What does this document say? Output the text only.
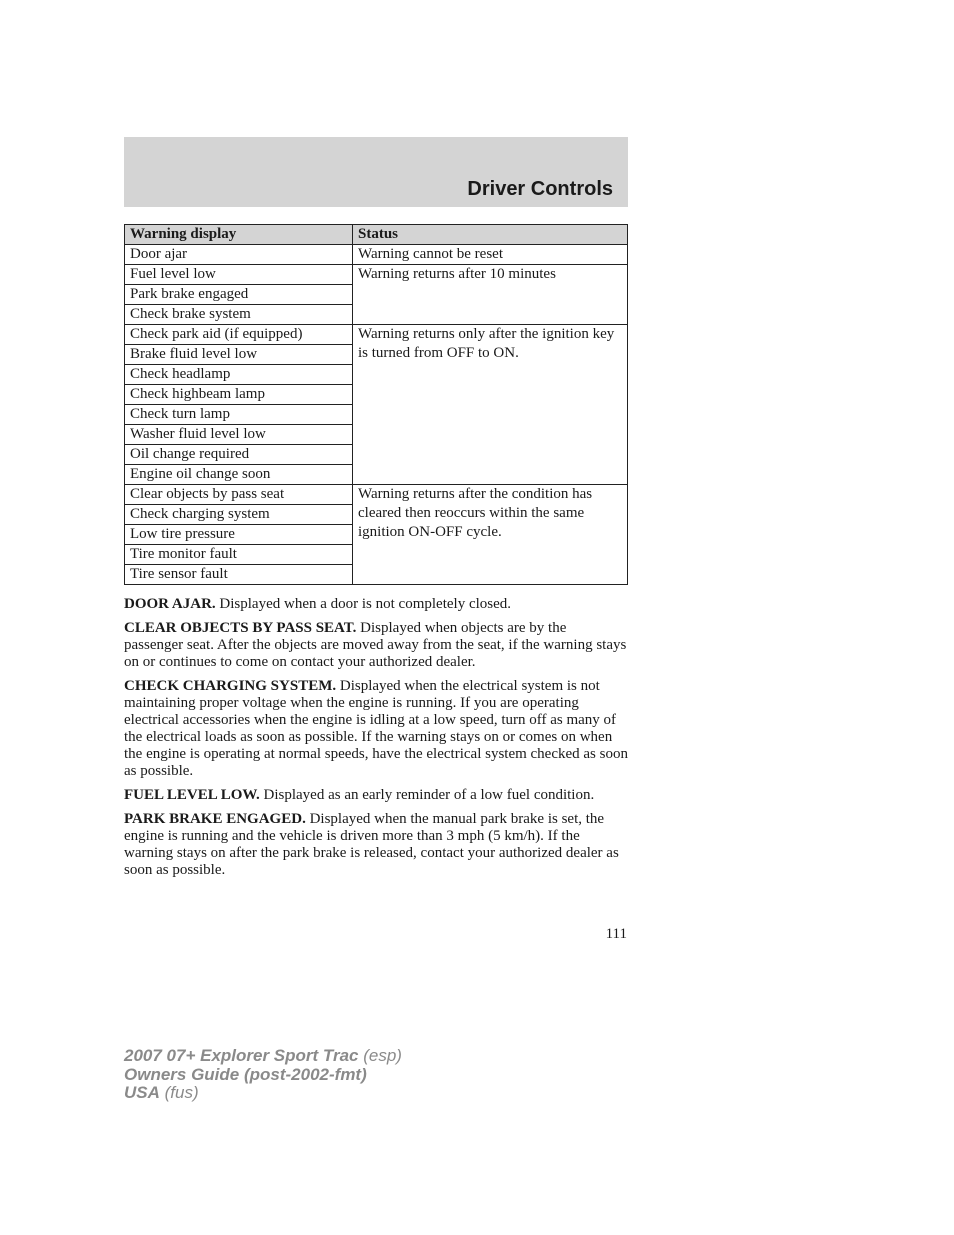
Driver Controls
Warning display	Status
Door ajar	Warning cannot be reset
Fuel level low	Warning returns after 10 minutes
Park brake engaged	
Check brake system	
Check park aid (if equipped)	Warning returns only after the ignition key is turned from OFF to ON.
Brake fluid level low	
Check headlamp	
Check highbeam lamp	
Check turn lamp	
Washer fluid level low	
Oil change required	
Engine oil change soon	
Clear objects by pass seat	Warning returns after the condition has cleared then reoccurs within the same ignition ON-OFF cycle.
Check charging system	
Low tire pressure	
Tire monitor fault	
Tire sensor fault	

DOOR AJAR. Displayed when a door is not completely closed.

CLEAR OBJECTS BY PASS SEAT. Displayed when objects are by the passenger seat. After the objects are moved away from the seat, if the warning stays on or continues to come on contact your authorized dealer.

CHECK CHARGING SYSTEM. Displayed when the electrical system is not maintaining proper voltage when the engine is running. If you are operating electrical accessories when the engine is idling at a low speed, turn off as many of the electrical loads as soon as possible. If the warning stays on or comes on when the engine is operating at normal speeds, have the electrical system checked as soon as possible.

FUEL LEVEL LOW. Displayed as an early reminder of a low fuel condition.

PARK BRAKE ENGAGED. Displayed when the manual park brake is set, the engine is running and the vehicle is driven more than 3 mph (5 km/h). If the warning stays on after the park brake is released, contact your authorized dealer as soon as possible.

111
2007 07+ Explorer Sport Trac (esp)
Owners Guide (post-2002-fmt)
USA (fus)
